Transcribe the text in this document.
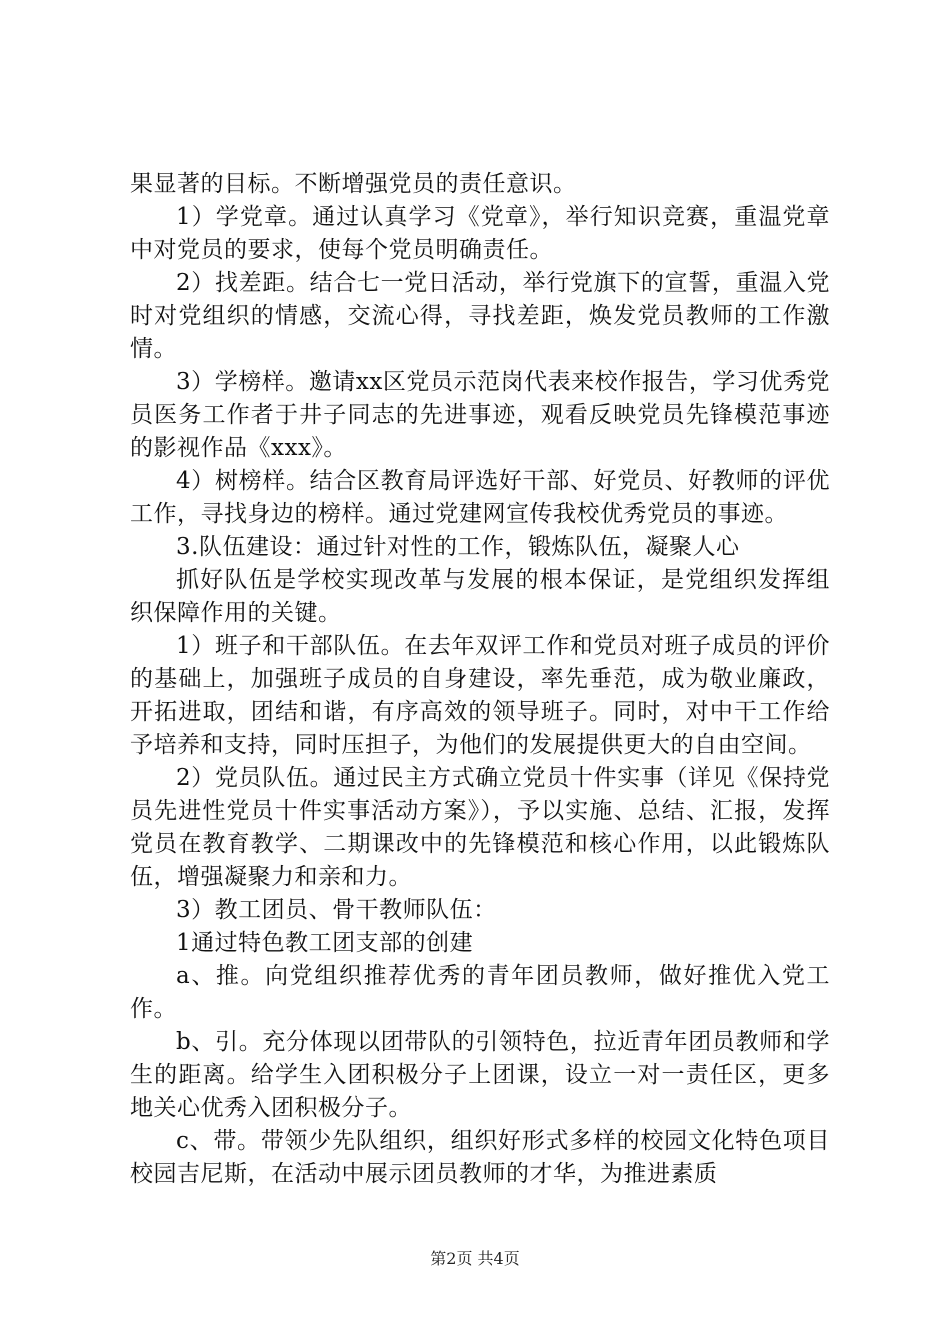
果显著的目标。不断增强党员的责任意识。

1）学党章。通过认真学习《党章》，举行知识竞赛，重温党章中对党员的要求，使每个党员明确责任。

2）找差距。结合七一党日活动，举行党旗下的宣誓，重温入党时对党组织的情感，交流心得，寻找差距，焕发党员教师的工作激情。

3）学榜样。邀请xx区党员示范岗代表来校作报告，学习优秀党员医务工作者于井子同志的先进事迹，观看反映党员先锋模范事迹的影视作品《xxx》。

4）树榜样。结合区教育局评选好干部、好党员、好教师的评优工作，寻找身边的榜样。通过党建网宣传我校优秀党员的事迹。

3.队伍建设：通过针对性的工作，锻炼队伍，凝聚人心

抓好队伍是学校实现改革与发展的根本保证，是党组织发挥组织保障作用的关键。

1）班子和干部队伍。在去年双评工作和党员对班子成员的评价的基础上，加强班子成员的自身建设，率先垂范，成为敬业廉政，开拓进取，团结和谐，有序高效的领导班子。同时，对中干工作给予培养和支持，同时压担子，为他们的发展提供更大的自由空间。

2）党员队伍。通过民主方式确立党员十件实事（详见《保持党员先进性党员十件实事活动方案》），予以实施、总结、汇报，发挥党员在教育教学、二期课改中的先锋模范和核心作用，以此锻炼队伍，增强凝聚力和亲和力。

3）教工团员、骨干教师队伍：

1通过特色教工团支部的创建

a、推。向党组织推荐优秀的青年团员教师，做好推优入党工作。

b、引。充分体现以团带队的引领特色，拉近青年团员教师和学生的距离。给学生入团积极分子上团课，设立一对一责任区，更多地关心优秀入团积极分子。

c、带。带领少先队组织，组织好形式多样的校园文化特色项目校园吉尼斯，在活动中展示团员教师的才华，为推进素质

第2页 共4页
